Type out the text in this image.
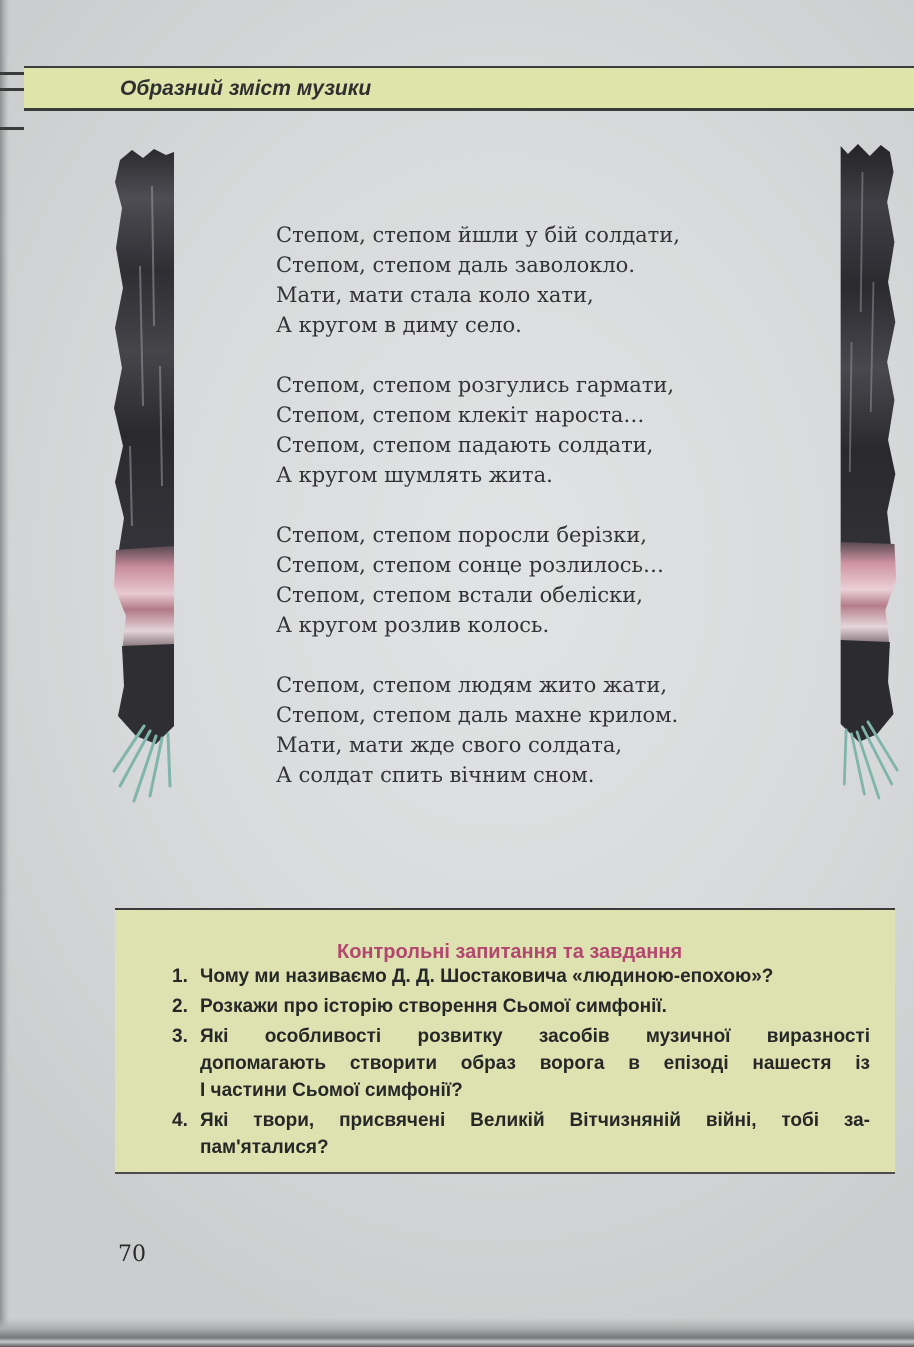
Образний зміст музики
Степом, степом йшли у бій солдати,
Степом, степом даль заволокло.
Мати, мати стала коло хати,
А кругом в диму село.
Степом, степом розгулись гармати,
Степом, степом клекіт нароста…
Степом, степом падають солдати,
А кругом шумлять жита.
Степом, степом поросли берізки,
Степом, степом сонце розлилось…
Степом, степом встали обеліски,
А кругом розлив колось.
Степом, степом людям жито жати,
Степом, степом даль махне крилом.
Мати, мати жде свого солдата,
А солдат спить вічним сном.
Контрольні запитання та завдання
1. Чому ми називаємо Д. Д. Шостаковича «людиною-епохою»?
2. Розкажи про історію створення Сьомої симфонії.
3. Які особливості розвитку засобів музичної виразності
допомагають створити образ ворога в епізоді нашестя із
І частини Сьомої симфонії?
4. Які твори, присвячені Великій Вітчизняній війні, тобі за-
пам'яталися?
70
